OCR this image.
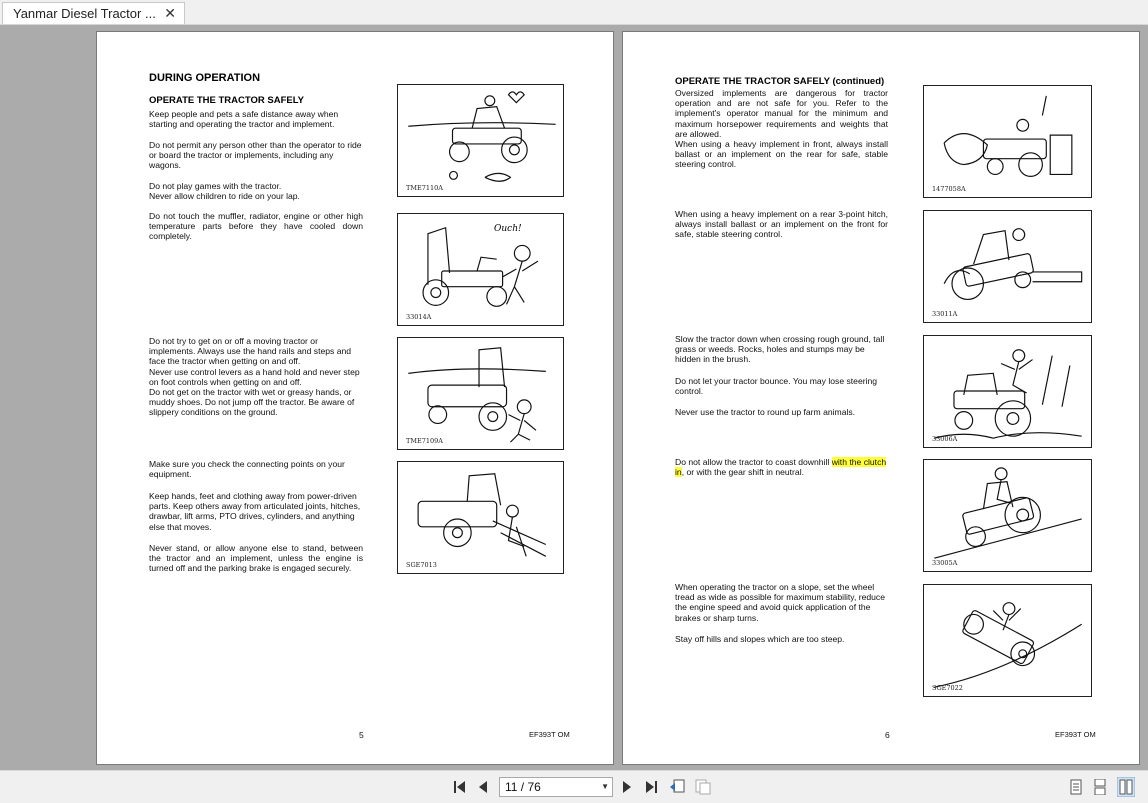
Yanmar Diesel Tractor ... ✕
DURING OPERATION
OPERATE THE TRACTOR SAFELY

Keep people and pets a safe distance away when starting and operating the tractor and implement.

Do not permit any person other than the operator to ride or board the tractor or implements, including any wagons.

Do not play games with the tractor.

Never allow children to ride on your lap.

Do not touch the muffler, radiator, engine or other high temperature parts before they have cooled down completely.

Do not try to get on or off a moving tractor or implements. Always use the hand rails and steps and face the tractor when getting on and off.

Never use control levers as a hand hold and never step on foot controls when getting on and off.

Do not get on the tractor with wet or greasy hands, or muddy shoes. Do not jump off the tractor. Be aware of slippery conditions on the ground.

Make sure you check the connecting points on your equipment.

Keep hands, feet and clothing away from power-driven parts. Keep others away from articulated joints, hitches, drawbar, lift arms, PTO drives, cylinders, and anything else that moves.

Never stand, or allow anyone else to stand, between the tractor and an implement, unless the engine is turned off and the parking brake is engaged securely.

TME7110A
Ouch!
33014A
TME7109A
SGE7013
5	EF393T OM
OPERATE THE TRACTOR SAFELY (continued)

Oversized implements are dangerous for tractor operation and are not safe for you. Refer to the implement's operator manual for the minimum and maximum horsepower requirements and weights that are allowed.

When using a heavy implement in front, always install ballast or an implement on the rear for safe, stable steering control.

When using a heavy implement on a rear 3-point hitch, always install ballast or an implement on the front for safe, stable steering control.

Slow the tractor down when crossing rough ground, tall grass or weeds. Rocks, holes and stumps may be hidden in the brush.

Do not let your tractor bounce. You may lose steering control.

Never use the tractor to round up farm animals.

Do not allow the tractor to coast downhill with the clutch in, or with the gear shift in neutral.

When operating the tractor on a slope, set the wheel tread as wide as possible for maximum stability, reduce the engine speed and avoid quick application of the brakes or sharp turns.

Stay off hills and slopes which are too steep.

1477058A
33011A
33006A
33005A
SGE7022
6	EF393T OM
11 / 76	▼
